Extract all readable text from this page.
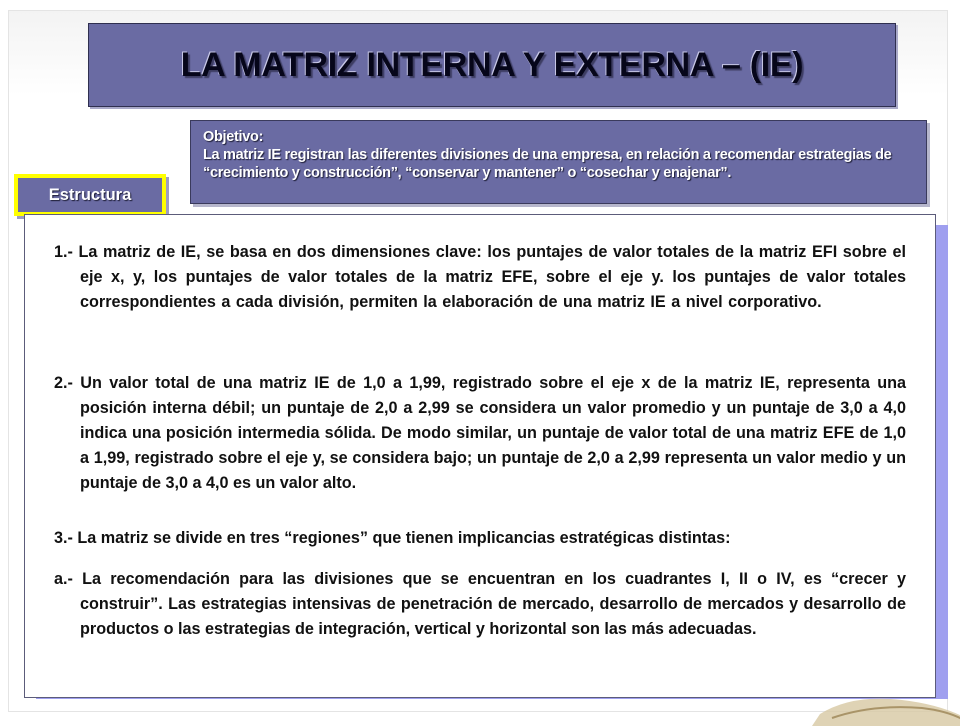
LA MATRIZ INTERNA Y EXTERNA – (IE)
Objetivo:
La matriz IE registran las diferentes divisiones de una empresa, en relación a recomendar estrategias de “crecimiento y construcción”, “conservar y mantener” o “cosechar y enajenar”.
Estructura
1.- La matriz de IE, se basa en dos dimensiones clave: los puntajes de valor totales de la matriz EFI sobre el eje x, y, los puntajes de valor totales de la matriz EFE, sobre el eje y. los puntajes de valor totales correspondientes a cada división, permiten la elaboración de una matriz IE a nivel corporativo.
2.- Un valor total de una matriz IE de 1,0 a 1,99, registrado sobre el eje x de la matriz IE, representa una posición interna débil; un puntaje de 2,0 a 2,99 se considera un valor promedio y un puntaje de 3,0 a 4,0 indica una posición intermedia sólida. De modo similar, un puntaje de valor total de una matriz EFE de 1,0 a 1,99, registrado sobre el eje y, se considera bajo; un puntaje de 2,0 a 2,99 representa un valor medio y un puntaje de 3,0 a 4,0 es un valor alto.
3.- La matriz se divide en tres “regiones” que tienen implicancias estratégicas distintas:
a.- La recomendación para las divisiones que se encuentran en los cuadrantes I, II o IV, es “crecer y construir”. Las estrategias intensivas de penetración de mercado, desarrollo de mercados y desarrollo de productos o las estrategias de integración, vertical y horizontal son las más adecuadas.
